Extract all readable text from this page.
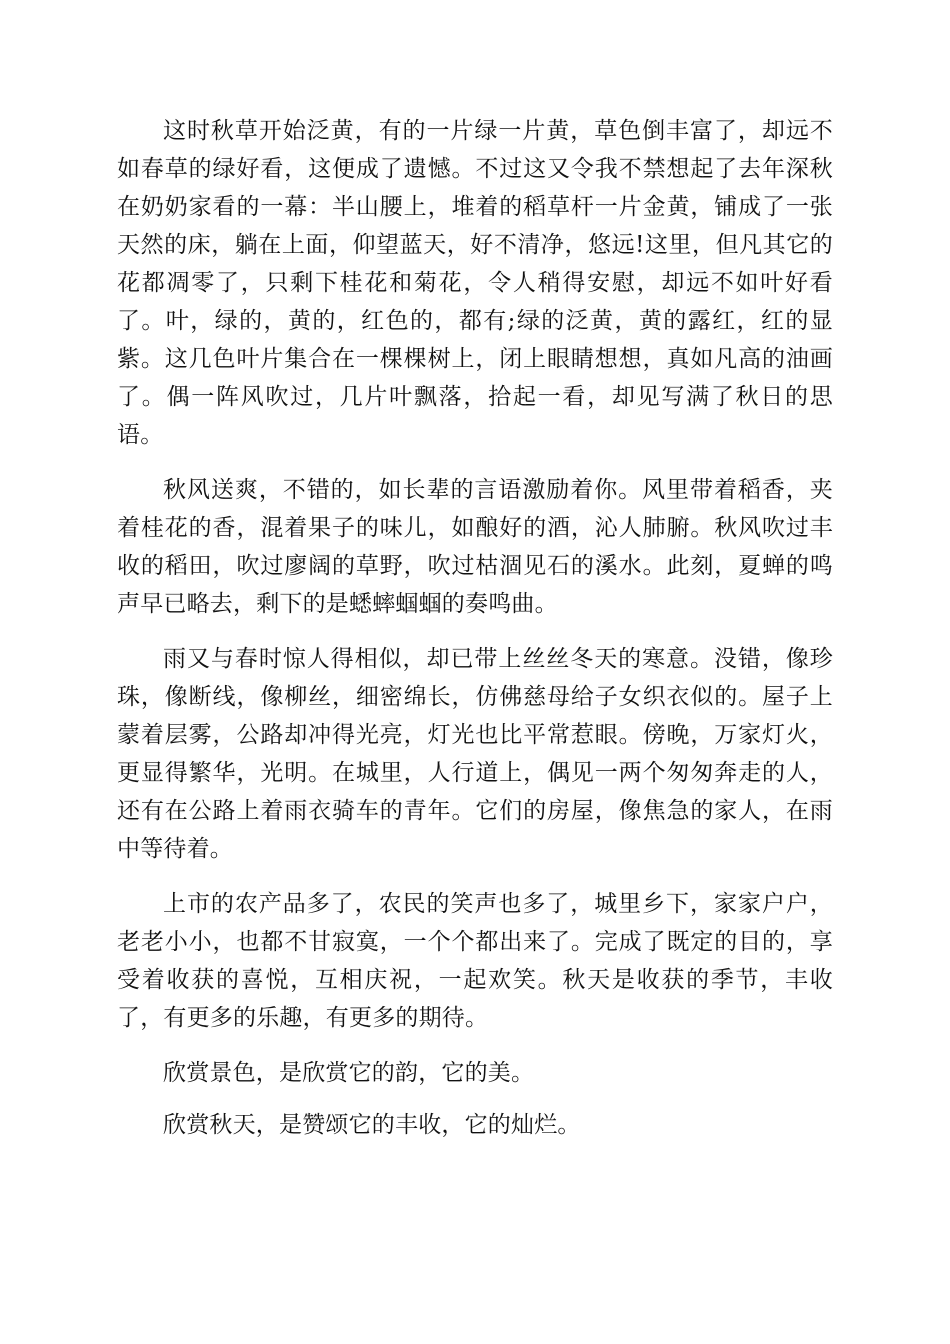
这时秋草开始泛黄，有的一片绿一片黄，草色倒丰富了，却远不如春草的绿好看，这便成了遗憾。不过这又令我不禁想起了去年深秋在奶奶家看的一幕：半山腰上，堆着的稻草杆一片金黄，铺成了一张天然的床，躺在上面，仰望蓝天，好不清净，悠远!这里，但凡其它的花都凋零了，只剩下桂花和菊花，令人稍得安慰，却远不如叶好看了。叶，绿的，黄的，红色的，都有;绿的泛黄，黄的露红，红的显紫。这几色叶片集合在一棵棵树上，闭上眼睛想想，真如凡高的油画了。偶一阵风吹过，几片叶飘落，拾起一看，却见写满了秋日的思语。

秋风送爽，不错的，如长辈的言语激励着你。风里带着稻香，夹着桂花的香，混着果子的味儿，如酿好的酒，沁人肺腑。秋风吹过丰收的稻田，吹过廖阔的草野，吹过枯涸见石的溪水。此刻，夏蝉的鸣声早已略去，剩下的是蟋蟀蝈蝈的奏鸣曲。

雨又与春时惊人得相似，却已带上丝丝冬天的寒意。没错，像珍珠，像断线，像柳丝，细密绵长，仿佛慈母给子女织衣似的。屋子上蒙着层雾，公路却冲得光亮，灯光也比平常惹眼。傍晚，万家灯火，更显得繁华，光明。在城里，人行道上，偶见一两个匆匆奔走的人，还有在公路上着雨衣骑车的青年。它们的房屋，像焦急的家人，在雨中等待着。

上市的农产品多了，农民的笑声也多了，城里乡下，家家户户，老老小小，也都不甘寂寞，一个个都出来了。完成了既定的目的，享受着收获的喜悦，互相庆祝，一起欢笑。秋天是收获的季节，丰收了，有更多的乐趣，有更多的期待。

欣赏景色，是欣赏它的韵，它的美。

欣赏秋天，是赞颂它的丰收，它的灿烂。
